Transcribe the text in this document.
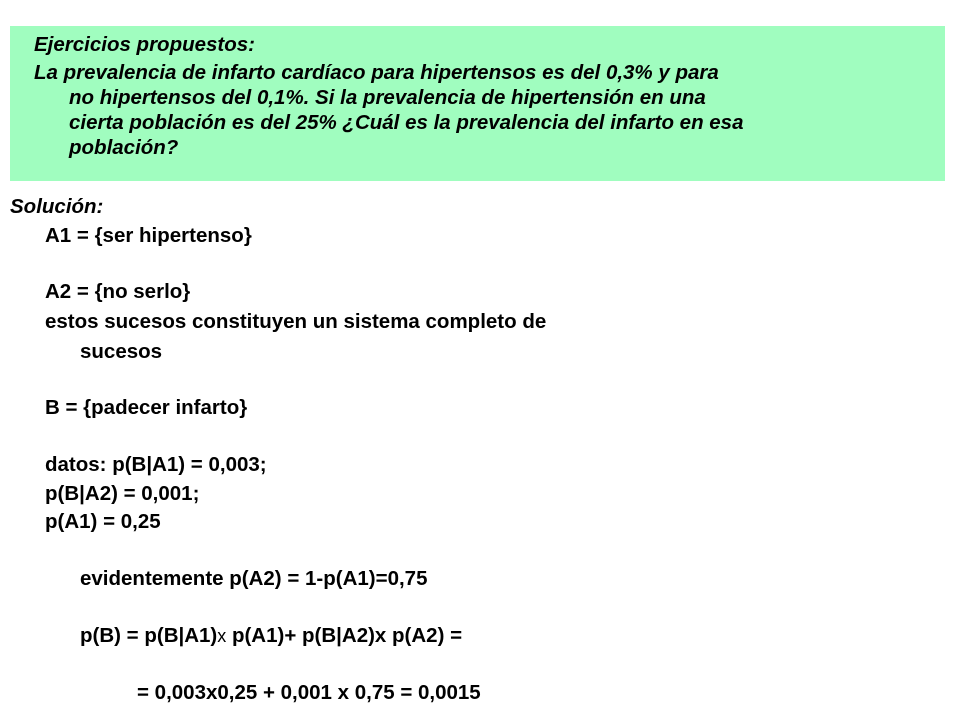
Ejercicios propuestos:
La prevalencia de infarto cardíaco para hipertensos es del 0,3% y para
no hipertensos del 0,1%. Si la prevalencia de hipertensión en una
cierta población es del 25% ¿Cuál es la prevalencia del infarto en esa
población?
Solución:
A1 = {ser hipertenso}
A2 = {no serlo}
estos sucesos constituyen un sistema completo de
sucesos
B = {padecer infarto}
datos: p(B|A1) = 0,003;
p(B|A2) = 0,001;
p(A1) = 0,25
evidentemente p(A2) = 1-p(A1)=0,75
p(B) = p(B|A1)x p(A1)+ p(B|A2)x p(A2) =
= 0,003x0,25 + 0,001 x 0,75 = 0,0015
